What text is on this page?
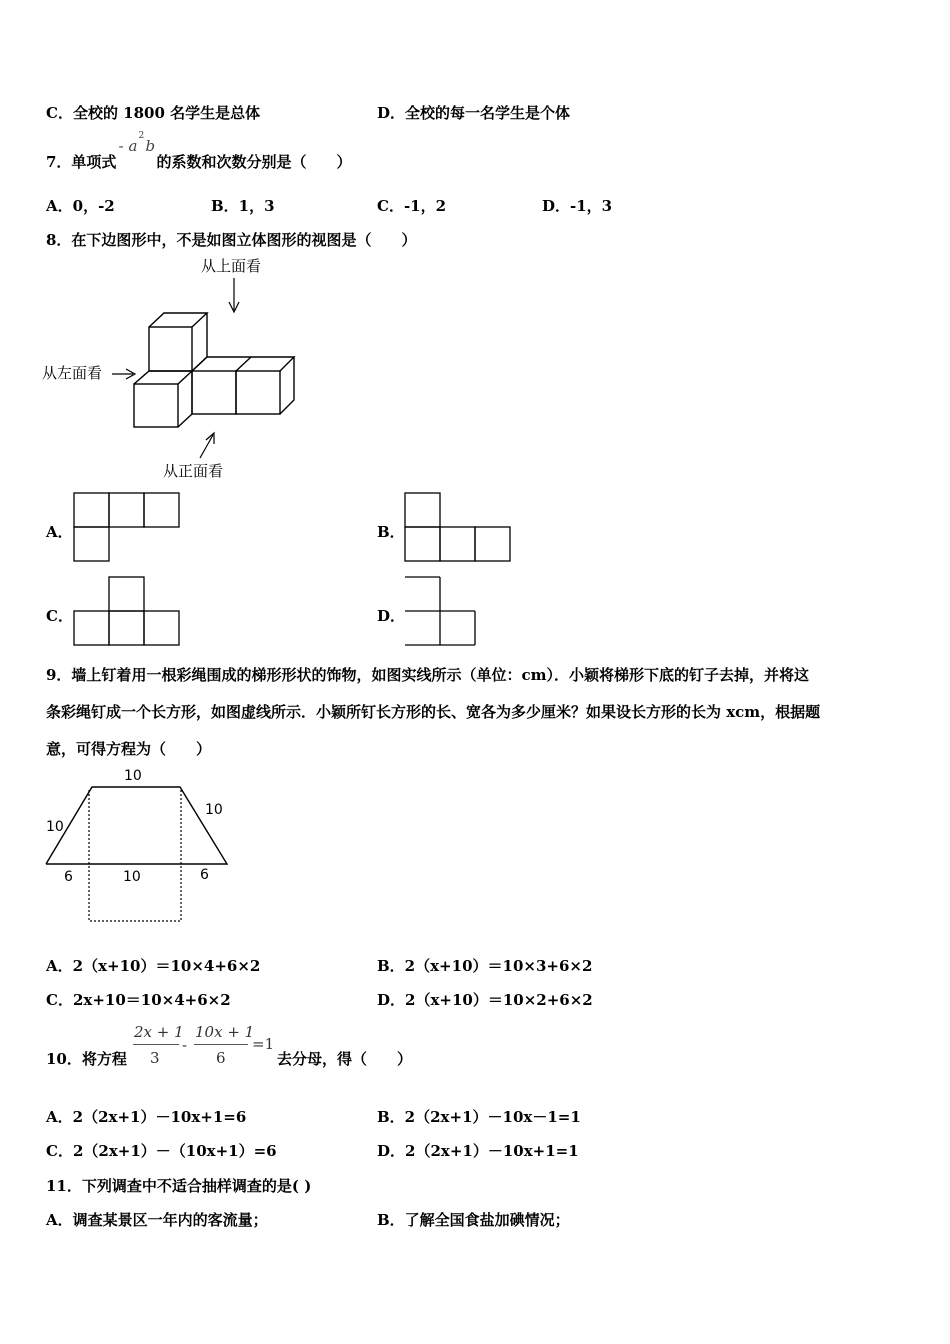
C．全校的 1800 名学生是总体	D．全校的每一名学生是个体
7．单项式
- a
2
b
的系数和次数分别是（　　）
A．0，-2	B．1，3	C．-1，2	D．-1，3
8．在下边图形中，不是如图立体图形的视图是（　　）
从上面看
从左面看
从正面看
A．	B．
C．	D．
9．墙上钉着用一根彩绳围成的梯形形状的饰物，如图实线所示（单位：cm）．小颖将梯形下底的钉子去掉，并将这
条彩绳钉成一个长方形，如图虚线所示．小颖所钉长方形的长、宽各为多少厘米？如果设长方形的长为 xcm，根据题
意，可得方程为（　　）
10
10
10
6	10	6
A．2（x+10）＝10×4+6×2	B．2（x+10）＝10×3+6×2
C．2x+10＝10×4+6×2	D．2（x+10）＝10×2+6×2
10．将方程
2x + 1
3
-
10x + 1
6
=1
去分母，得（　　）
A．2（2x+1）－10x+1=6	B．2（2x+1）－10x－1=1
C．2（2x+1）－（10x+1）=6	D．2（2x+1）－10x+1=1
11．下列调查中不适合抽样调查的是( )
A．调查某景区一年内的客流量；	B．了解全国食盐加碘情况；
